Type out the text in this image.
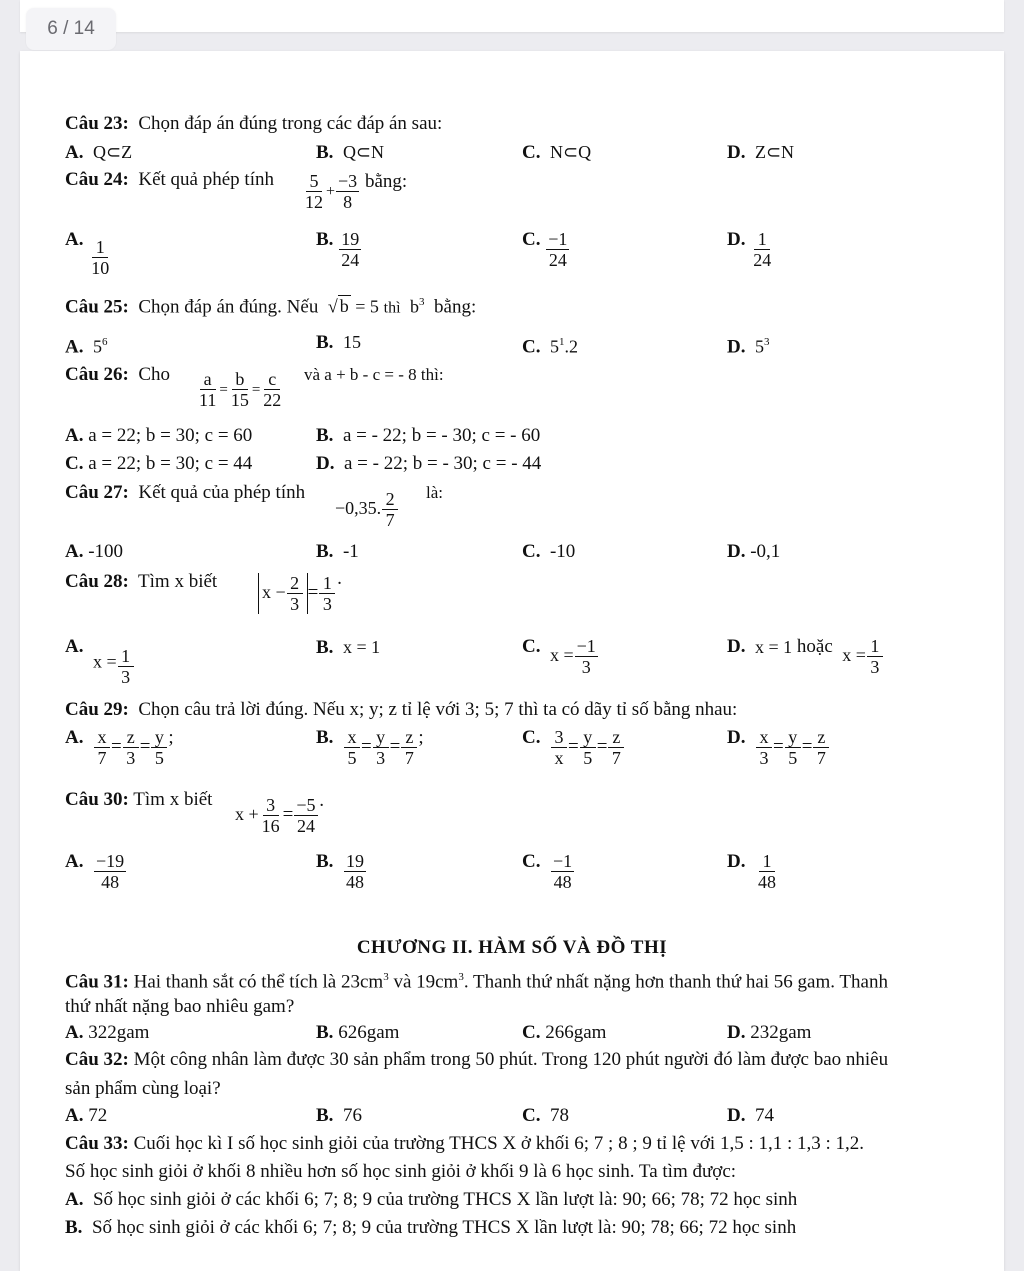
6 / 14
Câu 23: Chọn đáp án đúng trong các đáp án sau:
A. Q⊂Z	B. Q⊂N	C. N⊂Q	D. Z⊂N
Câu 24: Kết quả phép tính $\frac{5}{12} + \frac{-3}{8}$ bằng:
A. $\frac{1}{10}$	B. $\frac{19}{24}$	C. $\frac{-1}{24}$	D. $\frac{1}{24}$
Câu 25: Chọn đáp án đúng. Nếu √ b = 5 thì $b^3$ bằng:
A. $5^6$	B. 15	C. $5^1.2$	D. $5^3$
Câu 26: Cho $\frac{a}{11} = \frac{b}{15} = \frac{c}{22}$ và a + b - c = - 8 thì:
A. a = 22; b = 30; c = 60	B. a = - 22; b = - 30; c = - 60
C. a = 22; b = 30; c = 44	D. a = - 22; b = - 30; c = - 44
Câu 27: Kết quả của phép tính
−0,35. $\frac{2}{7}$ là:
A. -100	B. -1	C. -10	D. -0,1
Câu 28: Tìm x biết $x - \frac{2}{3} = \frac{1}{3}$ ·
A.  $x = \frac{1}{3}$	B. x = 1	C. $x = \frac{-1}{3}$	D. x = 1 hoặc $x = \frac{1}{3}$
Câu 29: Chọn câu trả lời đúng. Nếu x; y; z tỉ lệ với 3; 5; 7 thì ta có dãy tỉ số bằng nhau:
A. $\frac{x}{7} = \frac{z}{3} = \frac{y}{5}$ ;	B. $\frac{x}{5} = \frac{y}{3} = \frac{z}{7}$ ;	C. $\frac{3}{x} = \frac{y}{5} = \frac{z}{7}$	D. $\frac{x}{3} = \frac{y}{5} = \frac{z}{7}$
Câu 30: Tìm x biết
$x + \frac{3}{16} = \frac{-5}{24}$ ·
A. $\frac{-19}{48}$	B. $\frac{19}{48}$	C. $\frac{-1}{48}$	D. $\frac{1}{48}$
CHƯƠNG II. HÀM SỐ VÀ ĐỒ THỊ
Câu 31: Hai thanh sắt có thể tích là $23cm^3$ và $19cm^3$. Thanh thứ nhất nặng hơn thanh thứ hai 56 gam. Thanh
thứ nhất nặng bao nhiêu gam?
A. 322gam	B. 626gam	C. 266gam	D. 232gam
Câu 32: Một công nhân làm được 30 sản phẩm trong 50 phút. Trong 120 phút người đó làm được bao nhiêu
sản phẩm cùng loại?
A. 72	B. 76	C. 78	D. 74
Câu 33: Cuối học kì I số học sinh giỏi của trường THCS X ở khối 6; 7 ; 8 ; 9 tỉ lệ với 1,5 : 1,1 : 1,3 : 1,2.
Số học sinh giỏi ở khối 8 nhiều hơn số học sinh giỏi ở khối 9 là 6 học sinh. Ta tìm được:
A. Số học sinh giỏi ở các khối 6; 7; 8; 9 của trường THCS X lần lượt là: 90; 66; 78; 72 học sinh
B. Số học sinh giỏi ở các khối 6; 7; 8; 9 của trường THCS X lần lượt là: 90; 78; 66; 72 học sinh
